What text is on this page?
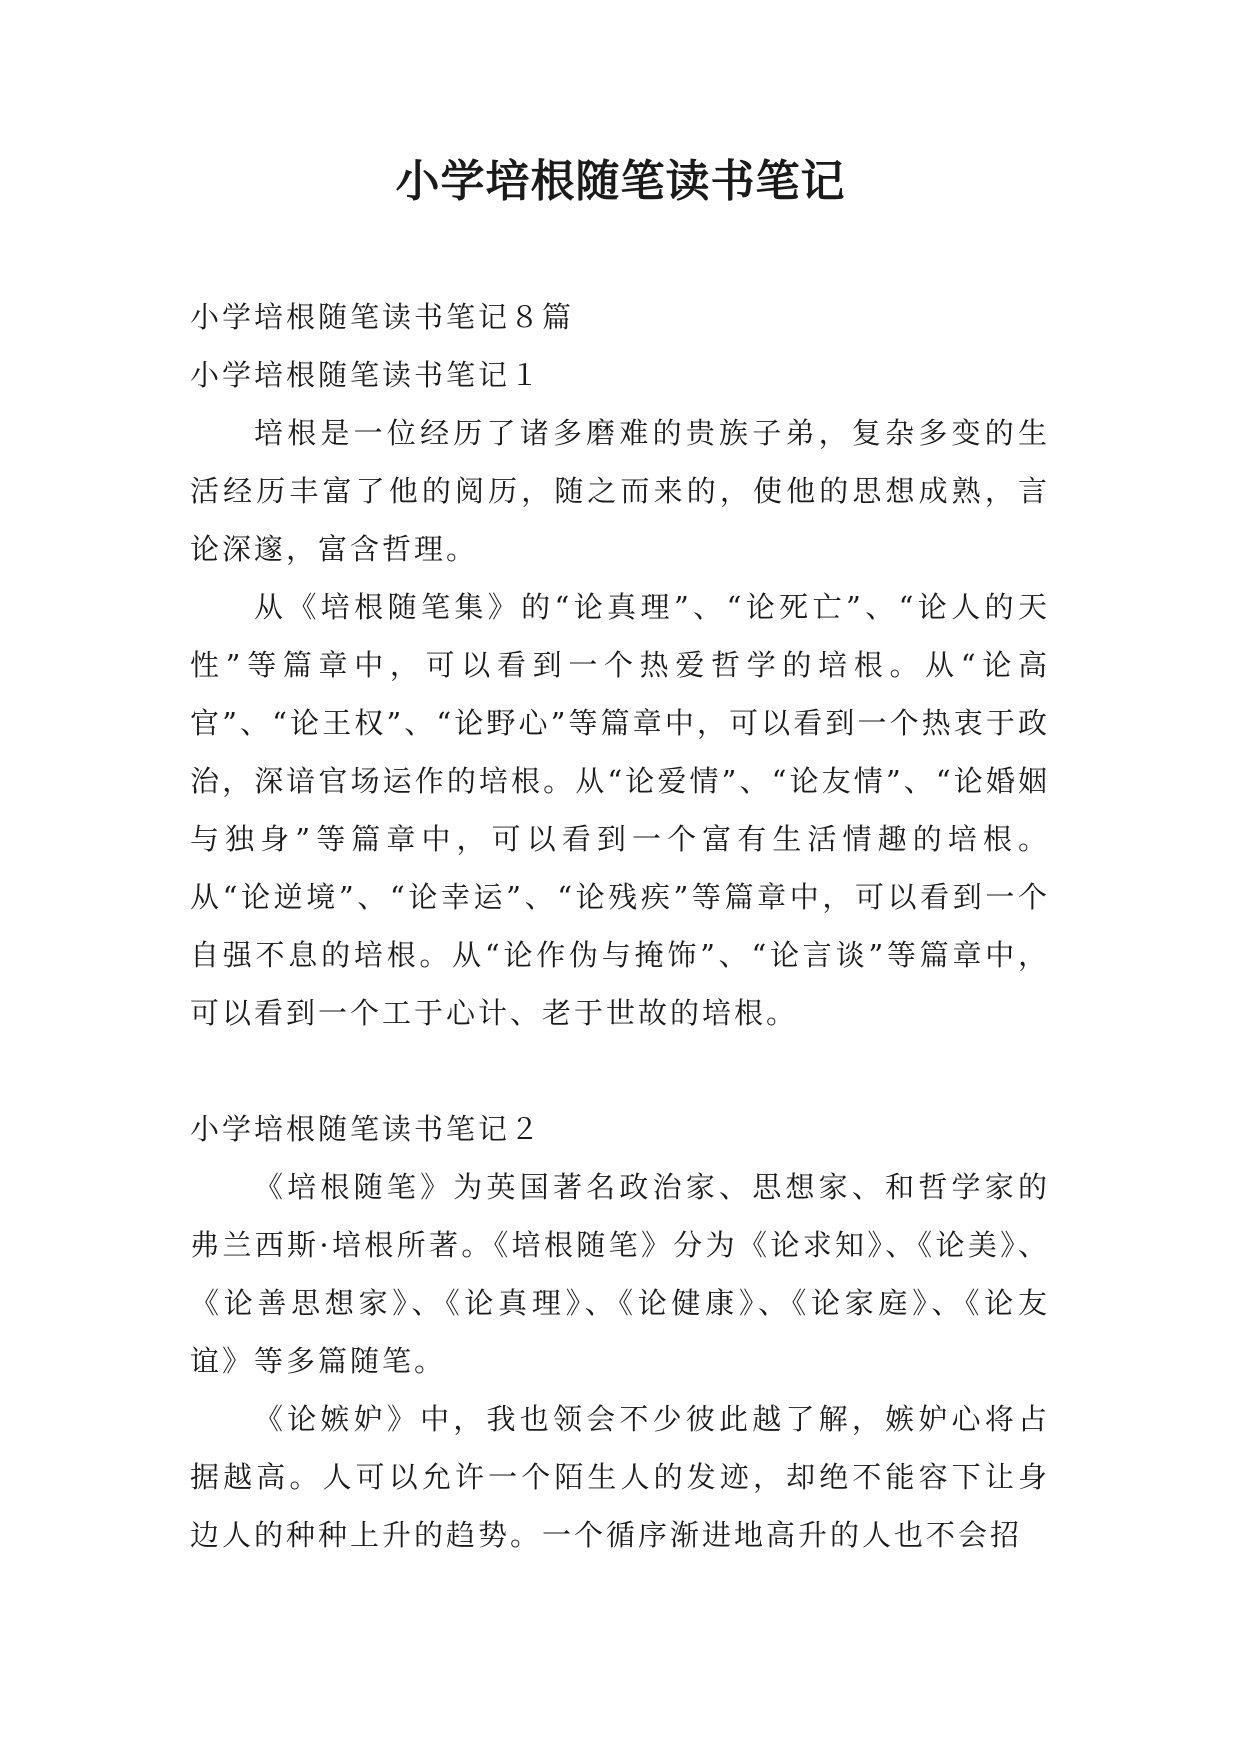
小学培根随笔读书笔记

小学培根随笔读书笔记８篇

小学培根随笔读书笔记１

培根是一位经历了诸多磨难的贵族子弟，复杂多变的生活经历丰富了他的阅历，随之而来的，使他的思想成熟，言论深邃，富含哲理。

从《培根随笔集》的“论真理”、“论死亡”、“论人的天性”等篇章中，可以看到一个热爱哲学的培根。从“论高官”、“论王权”、“论野心”等篇章中，可以看到一个热衷于政治，深谙官场运作的培根。从“论爱情”、“论友情”、“论婚姻与独身”等篇章中，可以看到一个富有生活情趣的培根。从“论逆境”、“论幸运”、“论残疾”等篇章中，可以看到一个自强不息的培根。从“论作伪与掩饰”、“论言谈”等篇章中，可以看到一个工于心计、老于世故的培根。

小学培根随笔读书笔记２

《培根随笔》为英国著名政治家、思想家、和哲学家的弗兰西斯·培根所著。《培根随笔》分为《论求知》、《论美》、《论善思想家》、《论真理》、《论健康》、《论家庭》、《论友谊》等多篇随笔。

《论嫉妒》中，我也领会不少彼此越了解，嫉妒心将占据越高。人可以允许一个陌生人的发迹，却绝不能容下让身边人的种种上升的趋势。一个循序渐进地高升的人也不会招
